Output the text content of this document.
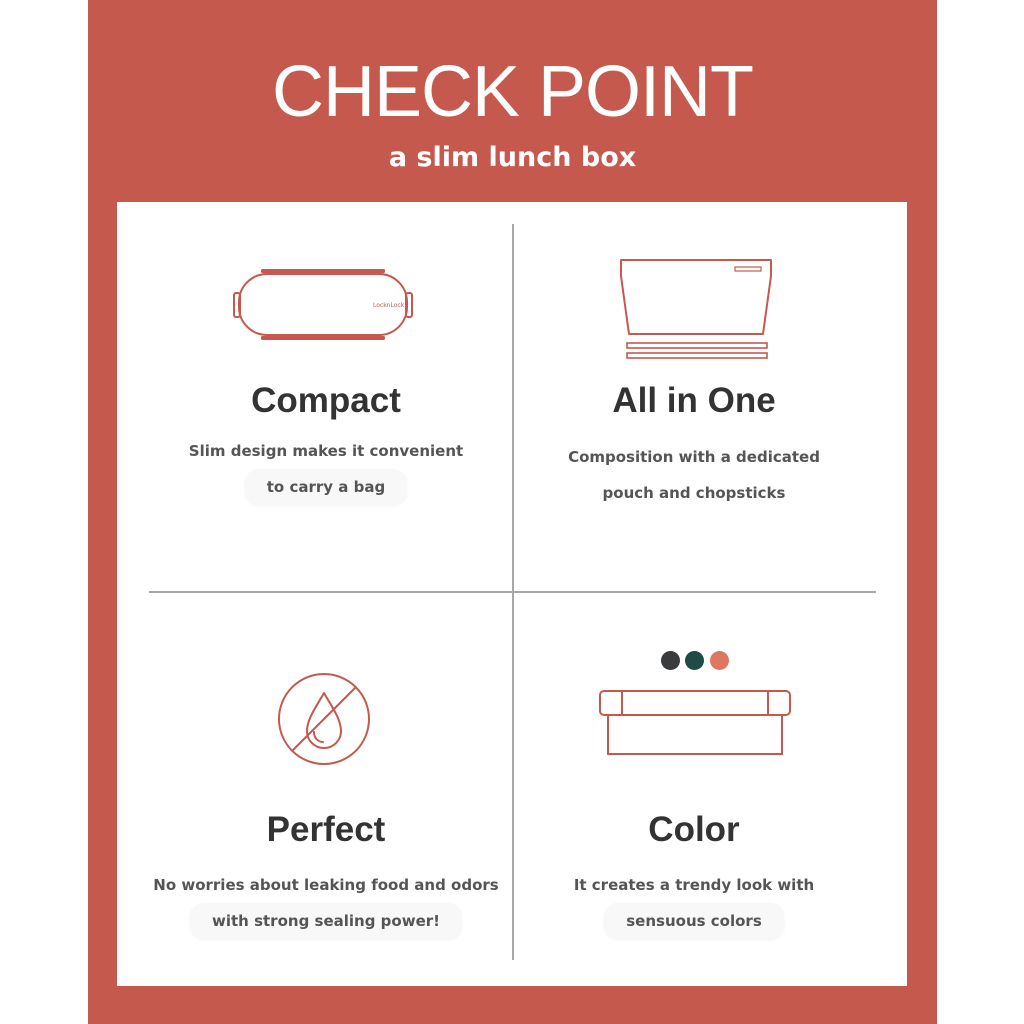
CHECK POINT
a slim lunch box
LocknLock
Compact
Slim design makes it convenient
to carry a bag
All in One
Composition with a dedicated
pouch and chopsticks
Perfect
No worries about leaking food and odors
with strong sealing power!
Color
It creates a trendy look with
sensuous colors
